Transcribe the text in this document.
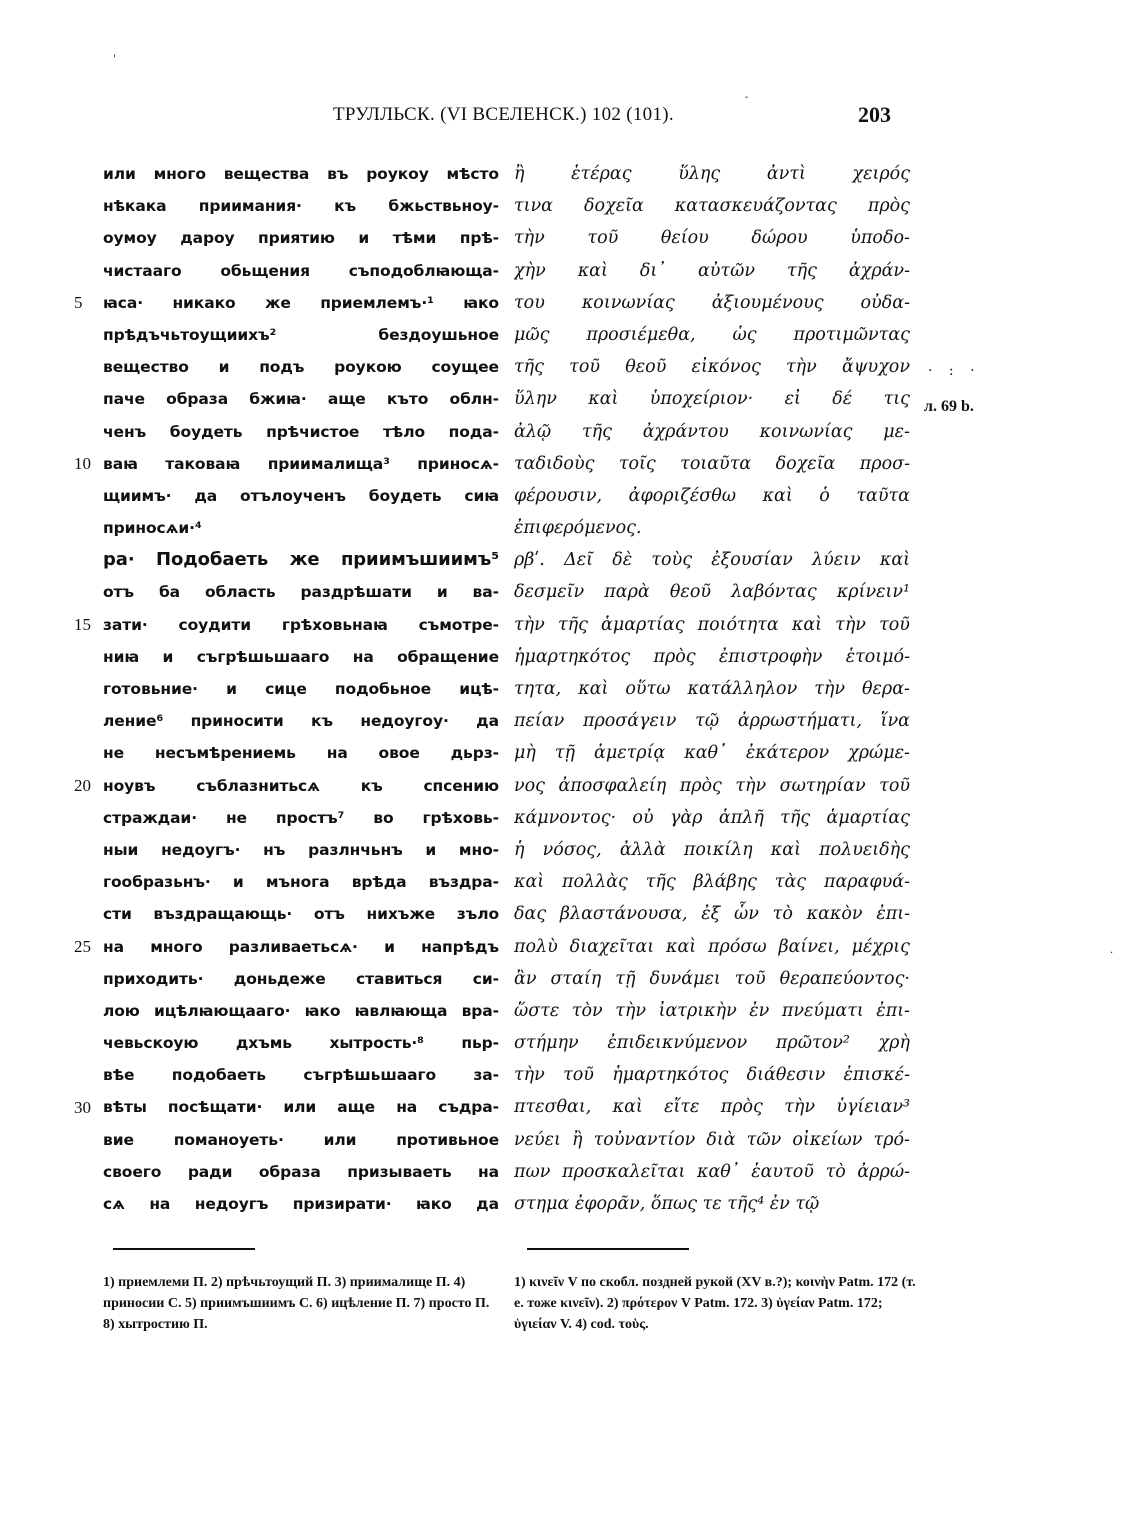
ТРУЛЛЬСК. (VI ВСЕЛЕНСК.) 102 (101).	203
'
-
·
5
10
15
20
25
30
или много веществa въ роукоу мѣсто
нѣкака приимания· къ бжьствьноу-
оумоу дароу приятию и тѣми прѣ-
чистааго	обьщения	съподоблꙗюща-
ꙗса· никако же приемлемъ·¹ ꙗко
прѣдъчьтоущиихъ²	бездоушьное
веществo и подъ роукою соущее
паче образа бжиꙗ· аще къто облн-
ченъ боудеть прѣчистое тѣло пода-
ваꙗ таковаꙗ приималища³ приносѧ-
щиимъ· да отълоученъ боудеть сиꙗ
приносѧи·⁴
ра· Подобаеть же приимъшиимъ⁵
отъ ба область раздрѣшати и ва-
зати· соудити грѣховьнаꙗ съмотре-
ниꙗ и съгрѣшьшааго на обращение
готовьние· и сице подобьное ицѣ-
ление⁶ приносити къ недоугоу· да
не несъмѣрениемь на овое дьрз-
ноувъ	съблазнитьсѧ	къ	спсению
страждаи· не простъ⁷ во грѣховь-
ныи недоугъ· нъ разлнчьнъ и мно-
гообразьнъ· и мънога врѣда въздра-
сти въздращающь· отъ нихъже зъло
на много разливаетьсѧ· и напрѣдъ
приходить· доньдеже ставиться си-
лою ицѣлꙗющааго· ꙗко ꙗвлꙗюща вра-
чевьскоую дхъмь хытрость·⁸ пьр-
вѣе подобаеть съгрѣшьшааго за-
вѣты посѣщати· или аще на съдра-
вие	поманоуеть·	или	противьное
своего ради образа призываеть на
сѧ на недоугъ призирати· ꙗко да
ἢ	ἑτέρας	ὕλης	ἀντὶ	χειρός
τινα δοχεῖα κατασκευάζοντας πρὸς
τὴν τοῦ θείου δώρου ὑποδο-
χὴν καὶ δι᾽ αὐτῶν τῆς ἀχράν-
του κοινωνίας ἀξιουμένους οὐδα-
μῶς προσιέμεθα, ὡς προτιμῶντας
τῆς τοῦ θεοῦ εἰκόνος τὴν ἄψυχον
ὕλην καὶ ὑποχείριον· εἰ δέ τις
ἀλῷ τῆς ἀχράντου κοινωνίας με-
ταδιδοὺς τοῖς τοιαῦτα δοχεῖα προσ-
φέρουσιν, ἀφοριζέσθω καὶ ὁ ταῦτα
ἐπιφερόμενος.
ρβʹ. Δεῖ δὲ τοὺς ἐξουσίαν λύειν καὶ
δεσμεῖν παρὰ θεοῦ λαβόντας κρίνειν¹
τὴν τῆς ἁμαρτίας ποιότητα καὶ τὴν τοῦ
ἡμαρτηκότος πρὸς ἐπιστροφὴν ἑτοιμό-
τητα, καὶ οὕτω κατάλληλον τὴν θερα-
πείαν προσάγειν τῷ ἀρρωστήματι, ἵνα
μὴ τῇ ἀμετρίᾳ καθ᾽ ἑκάτερον χρώμε-
νος ἀποσφαλείη πρὸς τὴν σωτηρίαν τοῦ
κάμνοντος· οὐ γὰρ ἁπλῆ τῆς ἁμαρτίας
ἡ νόσος, ἀλλὰ ποικίλη καὶ πολυειδὴς
καὶ πολλὰς τῆς βλάβης τὰς παραφυά-
δας βλαστάνουσα, ἐξ ὧν τὸ κακὸν ἐπι-
πολὺ διαχεῖται καὶ πρόσω βαίνει, μέχρις
ἂν σταίη τῇ δυνάμει τοῦ θεραπεύοντος·
ὥστε τὸν τὴν ἰατρικὴν ἐν πνεύματι ἐπι-
στήμην ἐπιδεικνύμενον πρῶτον² χρὴ
τὴν τοῦ ἡμαρτηκότος διάθεσιν ἐπισκέ-
πτεσθαι, καὶ εἴτε πρὸς τὴν ὑγίειαν³
νεύει ἢ τοὐναντίον διὰ τῶν οἰκείων τρό-
πων προσκαλεῖται καθ᾽ ἑαυτοῦ τὸ ἀρρώ-
στημα ἐφορᾶν, ὅπως τε τῆς⁴ ἐν τῷ
· : ·
л. 69 b.
1) приемлеми П. 2) прѣчьтоущий П. 3) приималище П. 4) приносии С. 5) приимъшиимъ С. 6) ицѣление П. 7) просто П. 8) хытростию П.
1) κινεῖν V по скобл. поздней рукой (XV в.?); κοινὴν Patm. 172 (т. е. тоже κινεῖν). 2) πρότερον V Patm. 172. 3) ὑγείαν Patm. 172; ὑγιείαν V. 4) cod. τοὺς.
